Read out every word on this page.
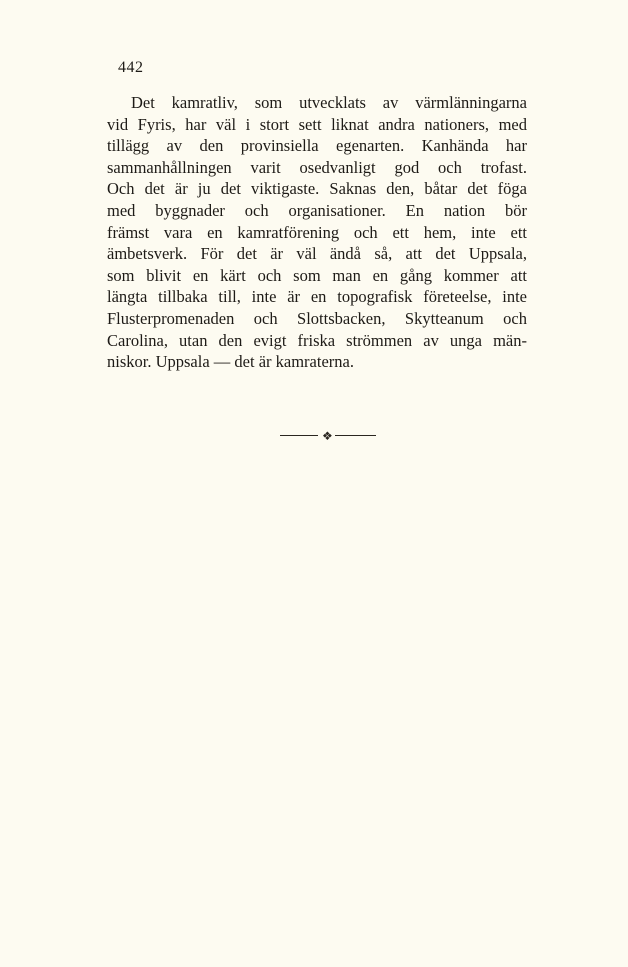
442
Det kamratliv, som utvecklats av värmlänningarna
vid Fyris, har väl i stort sett liknat andra nationers, med
tillägg av den provinsiella egenarten. Kanhända har
sammanhållningen varit osedvanligt god och trofast.
Och det är ju det viktigaste. Saknas den, båtar det föga
med byggnader och organisationer. En nation bör
främst vara en kamratförening och ett hem, inte ett
ämbetsverk. För det är väl ändå så, att det Uppsala,
som blivit en kärt och som man en gång kommer att
längta tillbaka till, inte är en topografisk företeelse, inte
Flusterpromenaden och Slottsbacken, Skytteanum och
Carolina, utan den evigt friska strömmen av unga män-
niskor. Uppsala — det är kamraterna.
❖
